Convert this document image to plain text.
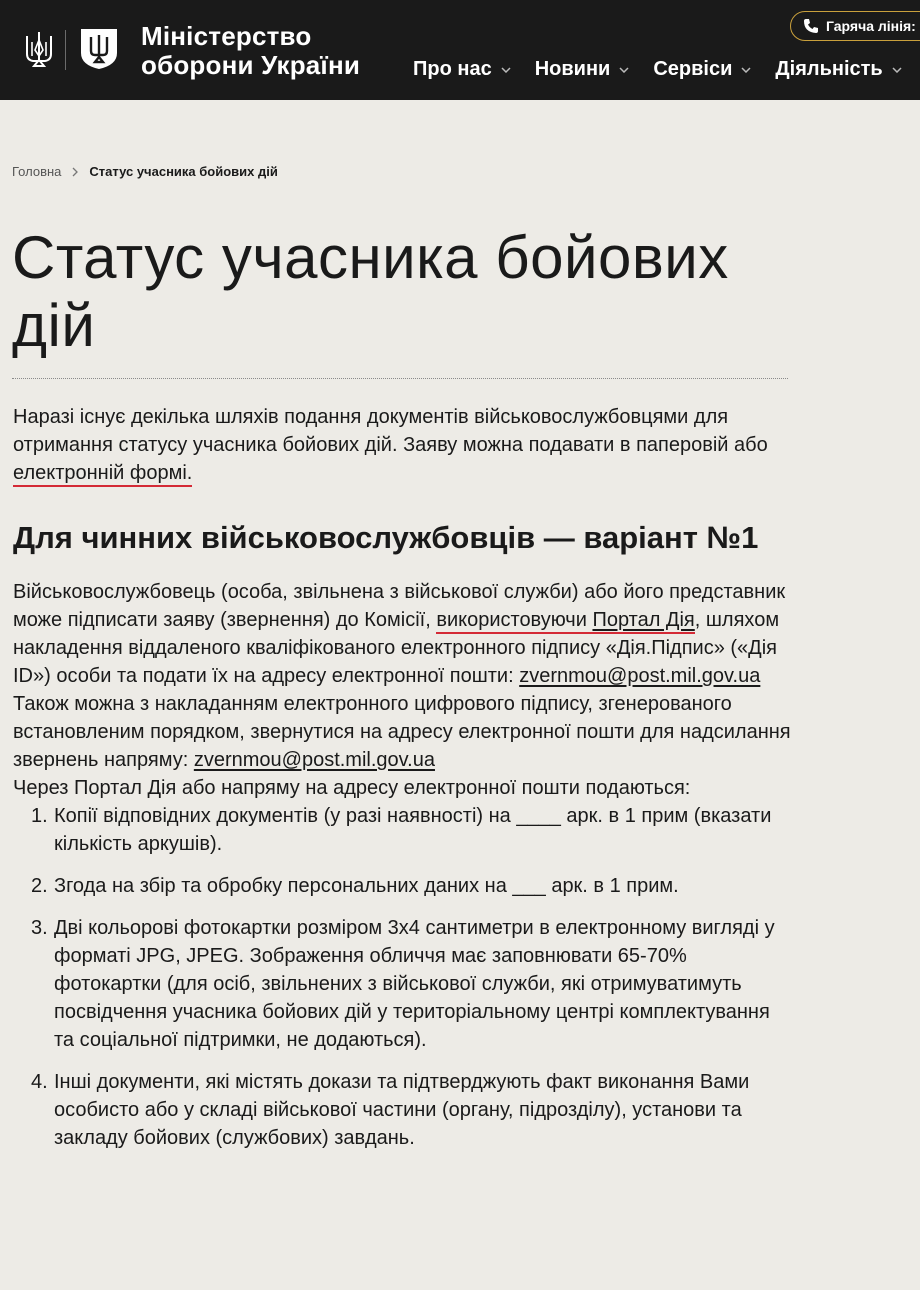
Міністерство
оборони України
Гаряча лінія:
Про нас Новини Сервіси Діяльність
Головна Статус учасника бойових дій
Статус учасника бойових дій

Наразі існує декілька шляхів подання документів військовослужбовцями для отримання статусу учасника бойових дій. Заяву можна подавати в паперовій або електронній формі.

Для чинних військовослужбовців — варіант №1

Військовослужбовець (особа, звільнена з військової служби) або його представник може підписати заяву (звернення) до Комісії, використовуючи Портал Дія, шляхом накладення віддаленого кваліфікованого електронного підпису «Дія.Підпис» («Дія ID») особи та подати їх на адресу електронної пошти: zvernmou@post.mil.gov.ua

Також можна з накладанням електронного цифрового підпису, згенерованого встановленим порядком, звернутися на адресу електронної пошти для надсилання звернень напряму: zvernmou@post.mil.gov.ua

Через Портал Дія або напряму на адресу електронної пошти подаються:

1. Копії відповідних документів (у разі наявності) на ____ арк. в 1 прим (вказати кількість аркушів).
2. Згода на збір та обробку персональних даних на ___ арк. в 1 прим.
3. Дві кольорові фотокартки розміром 3х4 сантиметри в електронному вигляді у форматі JPG, JPEG. Зображення обличчя має заповнювати 65-70% фотокартки (для осіб, звільнених з військової служби, які отримуватимуть посвідчення учасника бойових дій у територіальному центрі комплектування та соціальної підтримки, не додаються).
4. Інші документи, які містять докази та підтверджують факт виконання Вами особисто або у складі військової частини (органу, підрозділу), установи та закладу бойових (службових) завдань.
